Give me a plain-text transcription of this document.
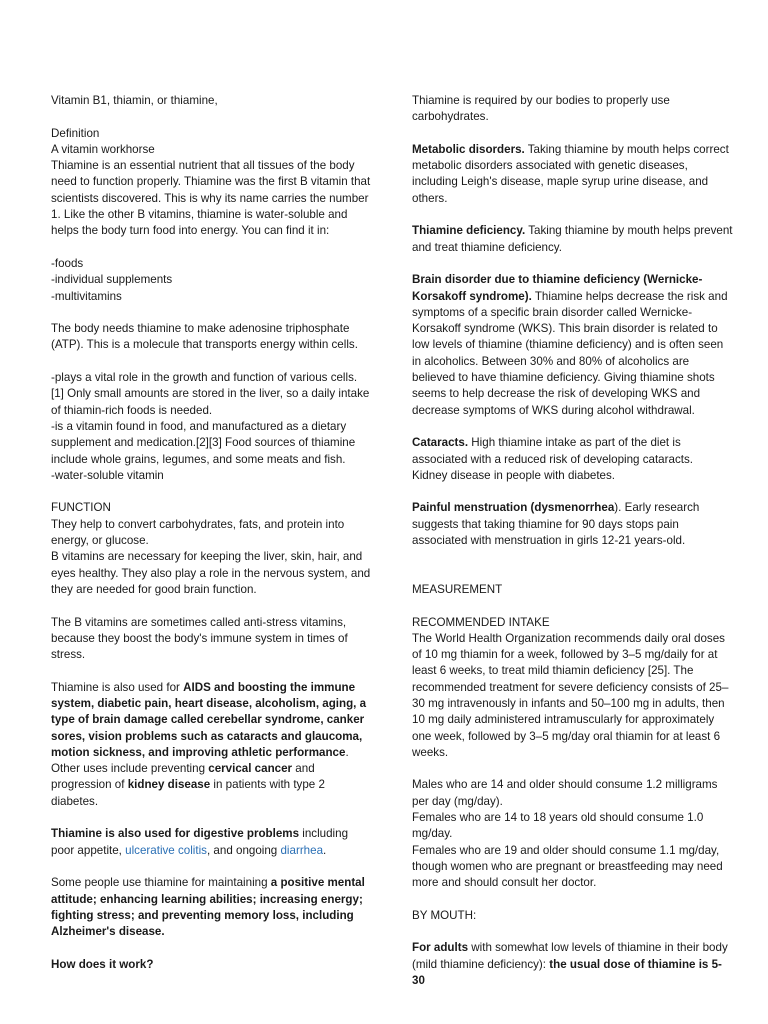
Vitamin B1, thiamin, or thiamine,

Definition

A vitamin workhorse

Thiamine is an essential nutrient that all tissues of the body need to function properly. Thiamine was the first B vitamin that scientists discovered. This is why its name carries the number 1. Like the other B vitamins, thiamine is water-soluble and helps the body turn food into energy. You can find it in:

-foods

-individual supplements

-multivitamins

The body needs thiamine to make adenosine triphosphate (ATP). This is a molecule that transports energy within cells.

-plays a vital role in the growth and function of various cells. [1] Only small amounts are stored in the liver, so a daily intake of thiamin-rich foods is needed.
-is a vitamin found in food, and manufactured as a dietary supplement and medication.[2][3] Food sources of thiamine include whole grains, legumes, and some meats and fish.
-water-soluble vitamin

FUNCTION

They help to convert carbohydrates, fats, and protein into energy, or glucose.
B vitamins are necessary for keeping the liver, skin, hair, and eyes healthy. They also play a role in the nervous system, and they are needed for good brain function.

The B vitamins are sometimes called anti-stress vitamins, because they boost the body's immune system in times of stress.

Thiamine is also used for AIDS and boosting the immune system, diabetic pain, heart disease, alcoholism, aging, a type of brain damage called cerebellar syndrome, canker sores, vision problems such as cataracts and glaucoma, motion sickness, and improving athletic performance. Other uses include preventing cervical cancer and progression of kidney disease in patients with type 2 diabetes.

Thiamine is also used for digestive problems including poor appetite, ulcerative colitis, and ongoing diarrhea.

Some people use thiamine for maintaining a positive mental attitude; enhancing learning abilities; increasing energy; fighting stress; and preventing memory loss, including Alzheimer's disease.

How does it work?

Thiamine is required by our bodies to properly use carbohydrates.

Metabolic disorders. Taking thiamine by mouth helps correct metabolic disorders associated with genetic diseases, including Leigh's disease, maple syrup urine disease, and others.

Thiamine deficiency. Taking thiamine by mouth helps prevent and treat thiamine deficiency.

Brain disorder due to thiamine deficiency (Wernicke-Korsakoff syndrome). Thiamine helps decrease the risk and symptoms of a specific brain disorder called Wernicke-Korsakoff syndrome (WKS). This brain disorder is related to low levels of thiamine (thiamine deficiency) and is often seen in alcoholics. Between 30% and 80% of alcoholics are believed to have thiamine deficiency. Giving thiamine shots seems to help decrease the risk of developing WKS and decrease symptoms of WKS during alcohol withdrawal.

Cataracts. High thiamine intake as part of the diet is associated with a reduced risk of developing cataracts.
Kidney disease in people with diabetes.

Painful menstruation (dysmenorrhea). Early research suggests that taking thiamine for 90 days stops pain associated with menstruation in girls 12-21 years-old.

MEASUREMENT

RECOMMENDED INTAKE

The World Health Organization recommends daily oral doses of 10 mg thiamin for a week, followed by 3–5 mg/daily for at least 6 weeks, to treat mild thiamin deficiency [25]. The recommended treatment for severe deficiency consists of 25–30 mg intravenously in infants and 50–100 mg in adults, then 10 mg daily administered intramuscularly for approximately one week, followed by 3–5 mg/day oral thiamin for at least 6 weeks.

Males who are 14 and older should consume 1.2 milligrams per day (mg/day).
Females who are 14 to 18 years old should consume 1.0 mg/day.
Females who are 19 and older should consume 1.1 mg/day, though women who are pregnant or breastfeeding may need more and should consult her doctor.

BY MOUTH:

For adults with somewhat low levels of thiamine in their body (mild thiamine deficiency): the usual dose of thiamine is 5-30
